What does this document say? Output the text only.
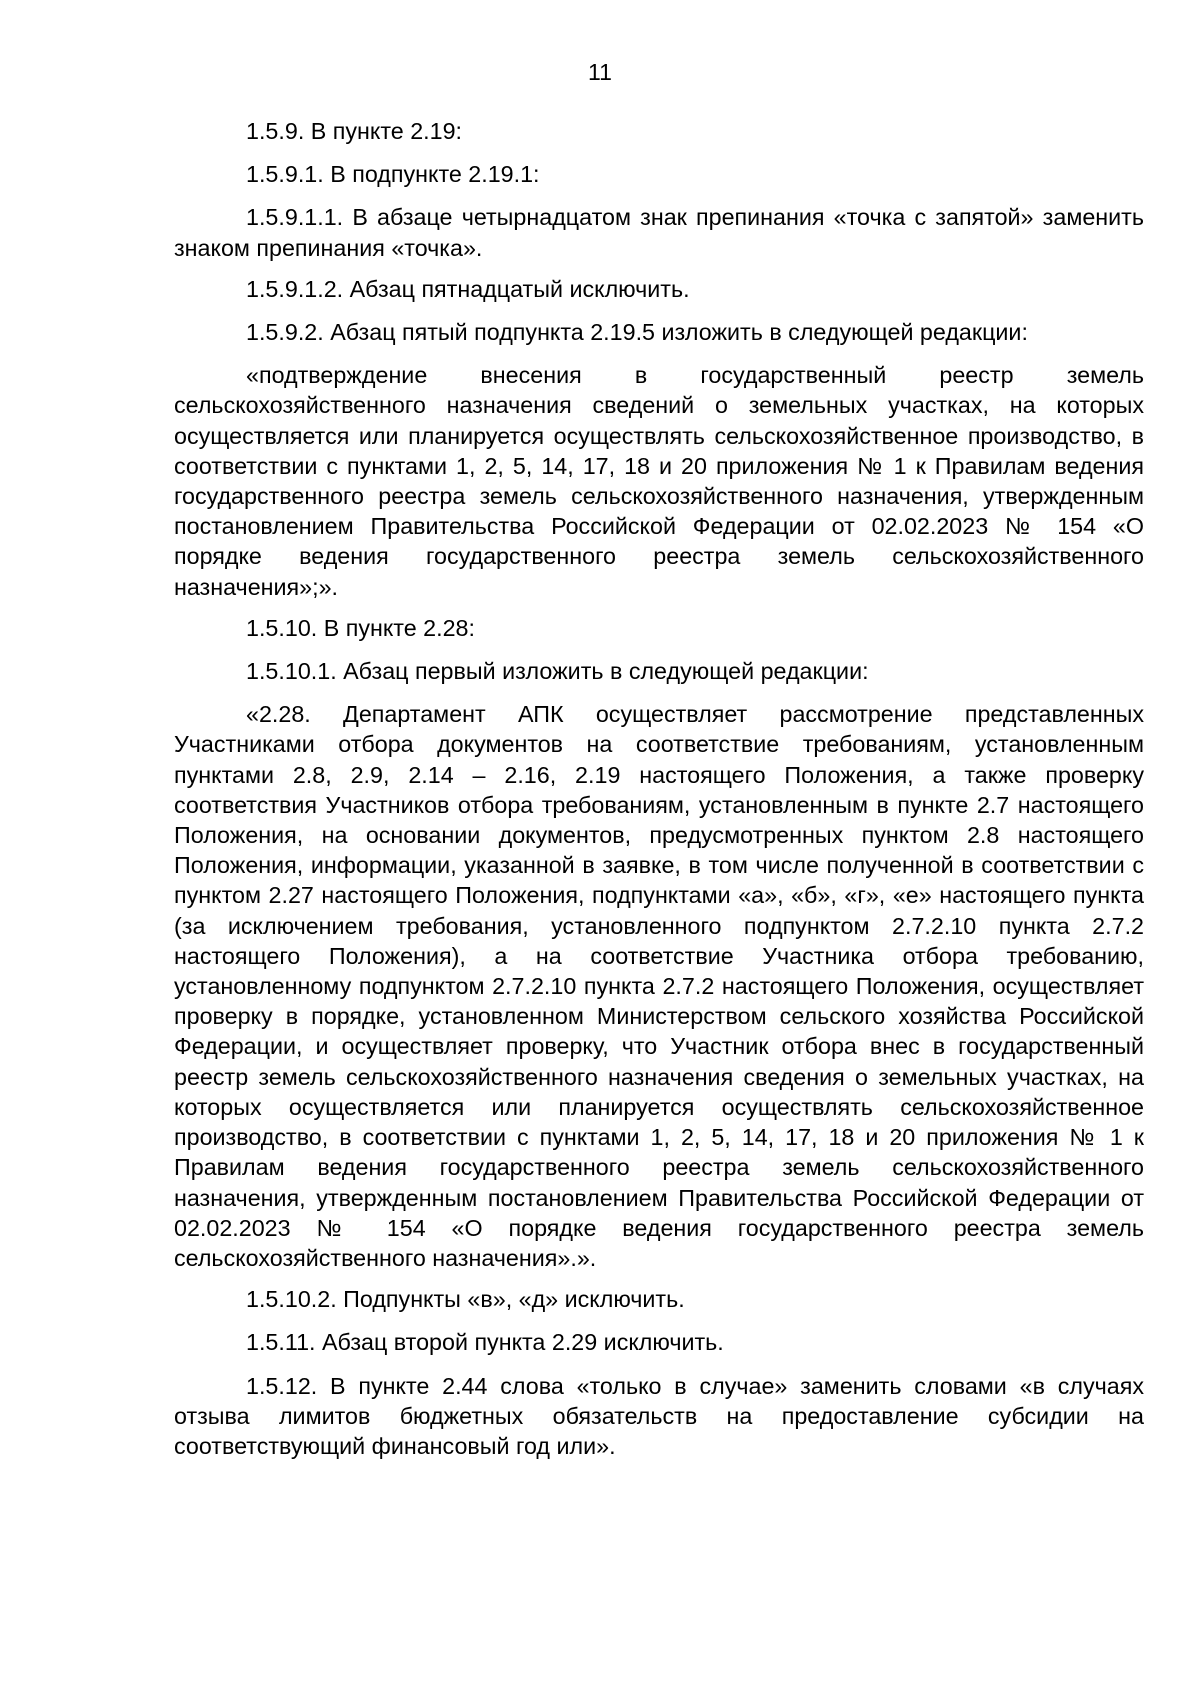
11

1.5.9. В пункте 2.19:

1.5.9.1. В подпункте 2.19.1:

1.5.9.1.1. В абзаце четырнадцатом знак препинания «точка с запятой» заменить знаком препинания «точка».

1.5.9.1.2. Абзац пятнадцатый исключить.

1.5.9.2. Абзац пятый подпункта 2.19.5 изложить в следующей редакции:

«подтверждение внесения в государственный реестр земель сельскохозяйственного назначения сведений о земельных участках, на которых осуществляется или планируется осуществлять сельскохозяйственное производство, в соответствии с пунктами 1, 2, 5, 14, 17, 18 и 20 приложения № 1 к Правилам ведения государственного реестра земель сельскохозяйственного назначения, утвержденным постановлением Правительства Российской Федерации от 02.02.2023 № 154 «О порядке ведения государственного реестра земель сельскохозяйственного назначения»;».

1.5.10. В пункте 2.28:

1.5.10.1. Абзац первый изложить в следующей редакции:

«2.28. Департамент АПК осуществляет рассмотрение представленных Участниками отбора документов на соответствие требованиям, установленным пунктами 2.8, 2.9, 2.14 – 2.16, 2.19 настоящего Положения, а также проверку соответствия Участников отбора требованиям, установленным в пункте 2.7 настоящего Положения, на основании документов, предусмотренных пунктом 2.8 настоящего Положения, информации, указанной в заявке, в том числе полученной в соответствии с пунктом 2.27 настоящего Положения, подпунктами «а», «б», «г», «е» настоящего пункта (за исключением требования, установленного подпунктом 2.7.2.10 пункта 2.7.2 настоящего Положения), а на соответствие Участника отбора требованию, установленному подпунктом 2.7.2.10 пункта 2.7.2 настоящего Положения, осуществляет проверку в порядке, установленном Министерством сельского хозяйства Российской Федерации, и осуществляет проверку, что Участник отбора внес в государственный реестр земель сельскохозяйственного назначения сведения о земельных участках, на которых осуществляется или планируется осуществлять сельскохозяйственное производство, в соответствии с пунктами 1, 2, 5, 14, 17, 18 и 20 приложения № 1 к Правилам ведения государственного реестра земель сельскохозяйственного назначения, утвержденным постановлением Правительства Российской Федерации от 02.02.2023 № 154 «О порядке ведения государственного реестра земель сельскохозяйственного назначения».».

1.5.10.2. Подпункты «в», «д» исключить.

1.5.11. Абзац второй пункта 2.29 исключить.

1.5.12. В пункте 2.44 слова «только в случае» заменить словами «в случаях отзыва лимитов бюджетных обязательств на предоставление субсидии на соответствующий финансовый год или».
